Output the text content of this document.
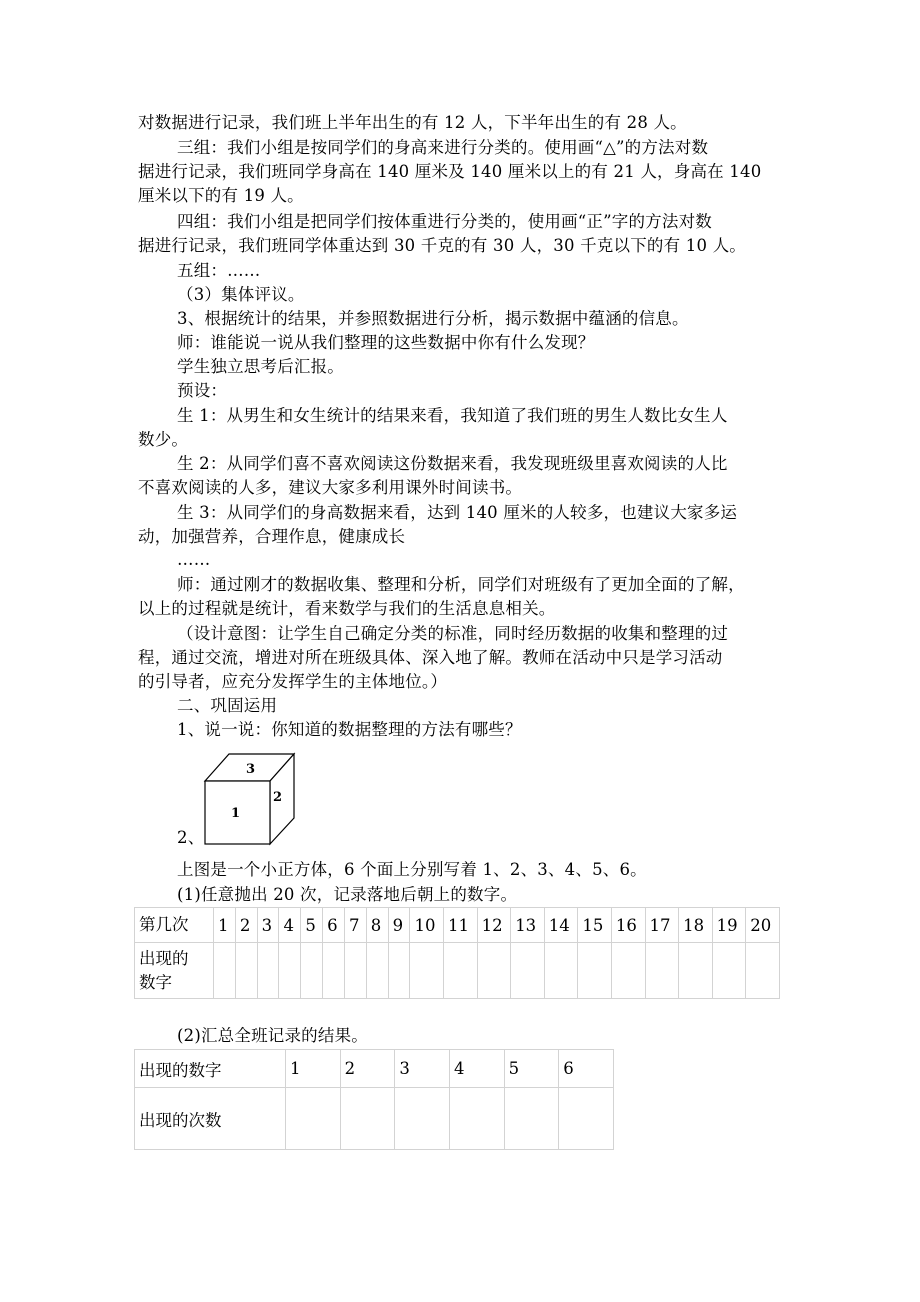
对数据进行记录，我们班上半年出生的有 12 人，下半年出生的有 28 人。
三组：我们小组是按同学们的身高来进行分类的。使用画“△”的方法对数
据进行记录，我们班同学身高在 140 厘米及 140 厘米以上的有 21 人，身高在 140
厘米以下的有 19 人。
四组：我们小组是把同学们按体重进行分类的，使用画“正”字的方法对数
据进行记录，我们班同学体重达到 30 千克的有 30 人，30 千克以下的有 10 人。
五组：……
（3）集体评议。
3、根据统计的结果，并参照数据进行分析，揭示数据中蕴涵的信息。
师：谁能说一说从我们整理的这些数据中你有什么发现？
学生独立思考后汇报。
预设：
生 1：从男生和女生统计的结果来看，我知道了我们班的男生人数比女生人
数少。
生 2：从同学们喜不喜欢阅读这份数据来看，我发现班级里喜欢阅读的人比
不喜欢阅读的人多，建议大家多利用课外时间读书。
生 3：从同学们的身高数据来看，达到 140 厘米的人较多，也建议大家多运
动，加强营养，合理作息，健康成长
……
师：通过刚才的数据收集、整理和分析，同学们对班级有了更加全面的了解，
以上的过程就是统计，看来数学与我们的生活息息相关。
（设计意图：让学生自己确定分类的标准，同时经历数据的收集和整理的过
程，通过交流，增进对所在班级具体、深入地了解。教师在活动中只是学习活动
的引导者，应充分发挥学生的主体地位。）
二、巩固运用
1、说一说：你知道的数据整理的方法有哪些？
3
1
2
2、
上图是一个小正方体，6 个面上分别写着 1、2、3、4、5、6。
(1)任意抛出 20 次，记录落地后朝上的数字。
第几次	1	2	3	4	5	6	7	8	9	10	11	12	13	14	15	16	17	18	19	20
出现的
数字																				
(2)汇总全班记录的结果。
出现的数字	1	2	3	4	5	6
出现的次数						
